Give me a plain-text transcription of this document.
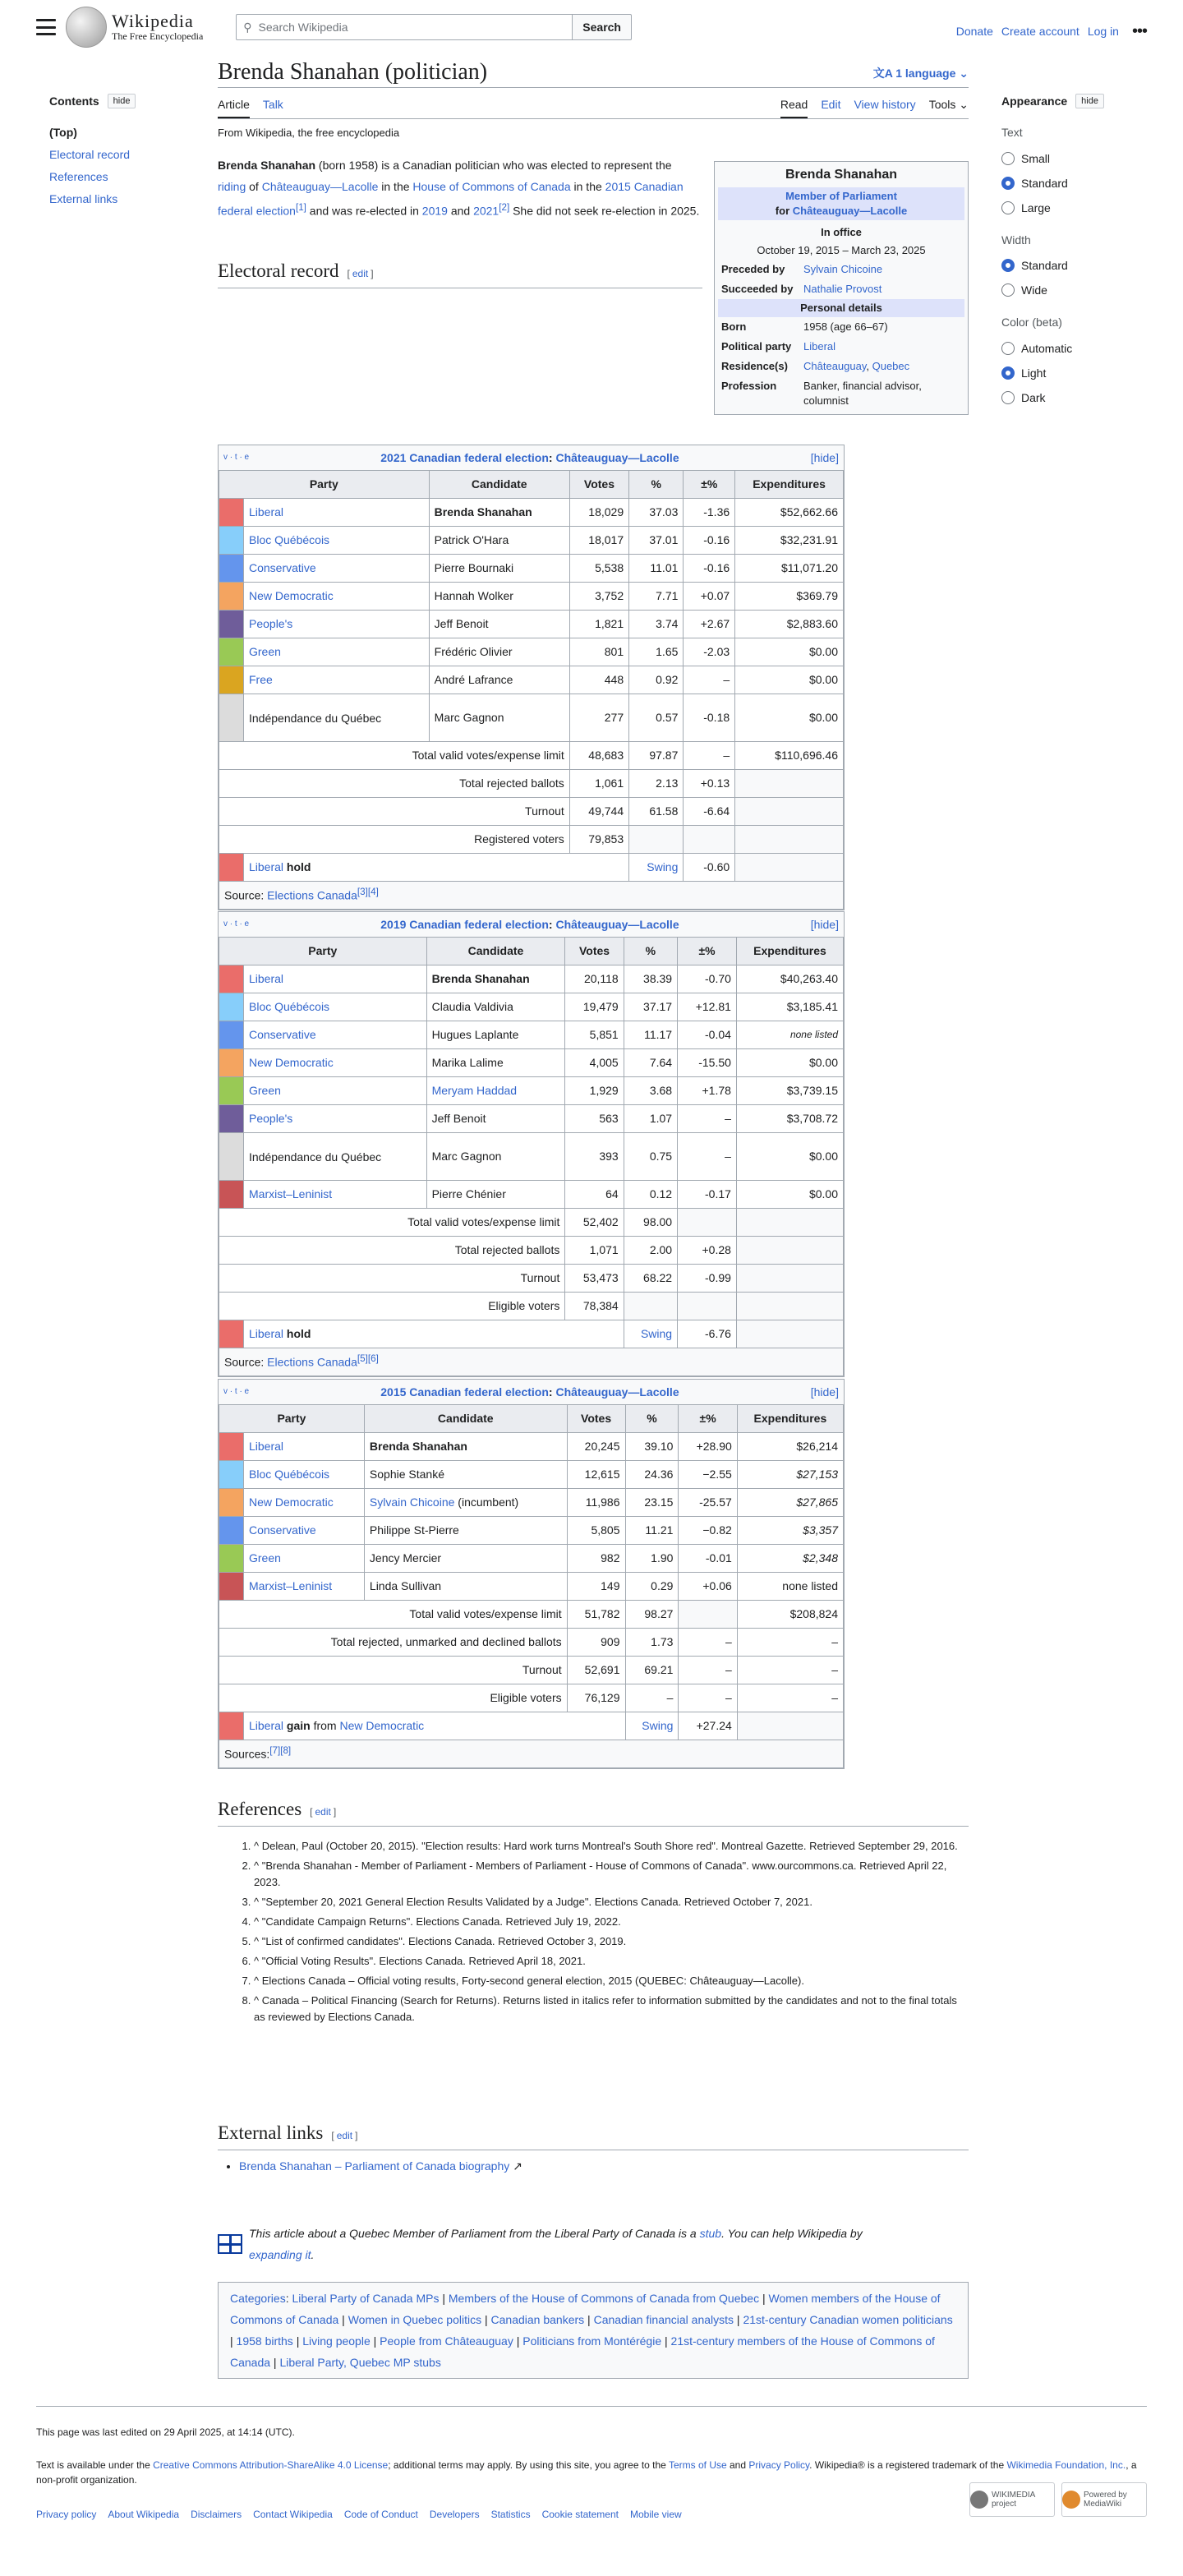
Wikipedia
The Free Encyclopedia
⚲ Search Wikipedia	Search	Donate Create account Log in •••
Contents	hide
(Top)
Electoral record
References
External links
Appearance	hide
Text
Small
Standard
Large
Width
Standard
Wide
Color (beta)
Automatic
Light
Dark
Brenda Shanahan (politician)	文A 1 language ⌄
Article Talk	Read Edit View history Tools ⌄
From Wikipedia, the free encyclopedia

Brenda Shanahan (born 1958) is a Canadian politician who was elected to represent the riding of Châteauguay—Lacolle in the House of Commons of Canada in the 2015 Canadian federal election[1] and was re-elected in 2019 and 2021[2] She did not seek re-election in 2025.

Brenda Shanahan
Member of Parliament
for Châteauguay—Lacolle
In office
October 19, 2015 – March 23, 2025
Preceded by	Sylvain Chicoine
Succeeded by Nathalie Provost
Personal details
Born	1958 (age 66–67)
Political party	Liberal
Residence(s)	Châteauguay, Quebec
Profession	Banker, financial advisor, columnist
Electoral record [ edit ]
v · t · e	2021 Canadian federal election: Châteauguay—Lacolle	[hide]
Party		Candidate	Votes	%	±%	Expenditures
	Liberal	Brenda Shanahan	18,029	37.03	-1.36	$52,662.66
	Bloc Québécois	Patrick O'Hara	18,017	37.01	-0.16	$32,231.91
	Conservative	Pierre Bournaki	5,538	11.01	-0.16	$11,071.20
	New Democratic	Hannah Wolker	3,752	7.71	+0.07	$369.79
	People's	Jeff Benoit	1,821	3.74	+2.67	$2,883.60
	Green	Frédéric Olivier	801	1.65	-2.03	$0.00
	Free	André Lafrance	448	0.92	–	$0.00
	Indépendance du Québec	Marc Gagnon	277	0.57	-0.18	$0.00
Total valid votes/expense limit			48,683	97.87	–	$110,696.46
Total rejected ballots			1,061	2.13	+0.13	
Turnout			49,744	61.58	-6.64	
Registered voters			79,853			
	Liberal hold			Swing	-0.60	
Source: Elections Canada[3][4]
v · t · e	2019 Canadian federal election: Châteauguay—Lacolle	[hide]
Party		Candidate	Votes	%	±%	Expenditures
	Liberal	Brenda Shanahan	20,118	38.39	-0.70	$40,263.40
	Bloc Québécois	Claudia Valdivia	19,479	37.17	+12.81	$3,185.41
	Conservative	Hugues Laplante	5,851	11.17	-0.04	none listed
	New Democratic	Marika Lalime	4,005	7.64	-15.50	$0.00
	Green	Meryam Haddad	1,929	3.68	+1.78	$3,739.15
	People's	Jeff Benoit	563	1.07	–	$3,708.72
	Indépendance du Québec	Marc Gagnon	393	0.75	–	$0.00
	Marxist–Leninist	Pierre Chénier	64	0.12	-0.17	$0.00
Total valid votes/expense limit			52,402	98.00		
Total rejected ballots			1,071	2.00	+0.28	
Turnout			53,473	68.22	-0.99	
Eligible voters			78,384			
	Liberal hold			Swing	-6.76	
Source: Elections Canada[5][6]
v · t · e	2015 Canadian federal election: Châteauguay—Lacolle	[hide]
Party		Candidate	Votes	%	±%	Expenditures
	Liberal	Brenda Shanahan	20,245	39.10	+28.90	$26,214
	Bloc Québécois	Sophie Stanké	12,615	24.36	−2.55	$27,153
	New Democratic	Sylvain Chicoine (incumbent)	11,986	23.15	-25.57	$27,865
	Conservative	Philippe St-Pierre	5,805	11.21	−0.82	$3,357
	Green	Jency Mercier	982	1.90	-0.01	$2,348
	Marxist–Leninist	Linda Sullivan	149	0.29	+0.06	none listed
Total valid votes/expense limit			51,782	98.27		$208,824
Total rejected, unmarked and declined ballots			909	1.73	–	–
Turnout			52,691	69.21	–	–
Eligible voters			76,129	–	–	–
	Liberal gain from New Democratic			Swing	+27.24	
Sources:[7][8]
References [ edit ]
1. ^ Delean, Paul (October 20, 2015). "Election results: Hard work turns Montreal's South Shore red". Montreal Gazette. Retrieved September 29, 2016.
2. ^ "Brenda Shanahan - Member of Parliament - Members of Parliament - House of Commons of Canada". www.ourcommons.ca. Retrieved April 22, 2023.
3. ^ "September 20, 2021 General Election Results Validated by a Judge". Elections Canada. Retrieved October 7, 2021.
4. ^ "Candidate Campaign Returns". Elections Canada. Retrieved July 19, 2022.
5. ^ "List of confirmed candidates". Elections Canada. Retrieved October 3, 2019.
6. ^ "Official Voting Results". Elections Canada. Retrieved April 18, 2021.
7. ^ Elections Canada – Official voting results, Forty-second general election, 2015 (QUEBEC: Châteauguay—Lacolle).
8. ^ Canada – Political Financing (Search for Returns). Returns listed in italics refer to information submitted by the candidates and not to the final totals as reviewed by Elections Canada.
External links [ edit ]
• Brenda Shanahan – Parliament of Canada biography ↗
This article about a Quebec Member of Parliament from the Liberal Party of Canada is a stub. You can help Wikipedia by
expanding it.
Categories: Liberal Party of Canada MPs | Members of the House of Commons of Canada from Quebec | Women members of the House of Commons of Canada | Women in Quebec politics | Canadian bankers | Canadian financial analysts | 21st-century Canadian women politicians | 1958 births | Living people | People from Châteauguay | Politicians from Montérégie | 21st-century members of the House of Commons of Canada | Liberal Party, Quebec MP stubs
This page was last edited on 29 April 2025, at 14:14 (UTC).
Text is available under the Creative Commons Attribution-ShareAlike 4.0 License; additional terms may apply. By using this site, you agree to the Terms of Use and Privacy Policy. Wikipedia® is a registered trademark of the Wikimedia Foundation, Inc., a non-profit organization.
Privacy policy About Wikipedia Disclaimers Contact Wikipedia Code of Conduct Developers Statistics Cookie statement Mobile view
WIKIMEDIA project
Powered by MediaWiki
